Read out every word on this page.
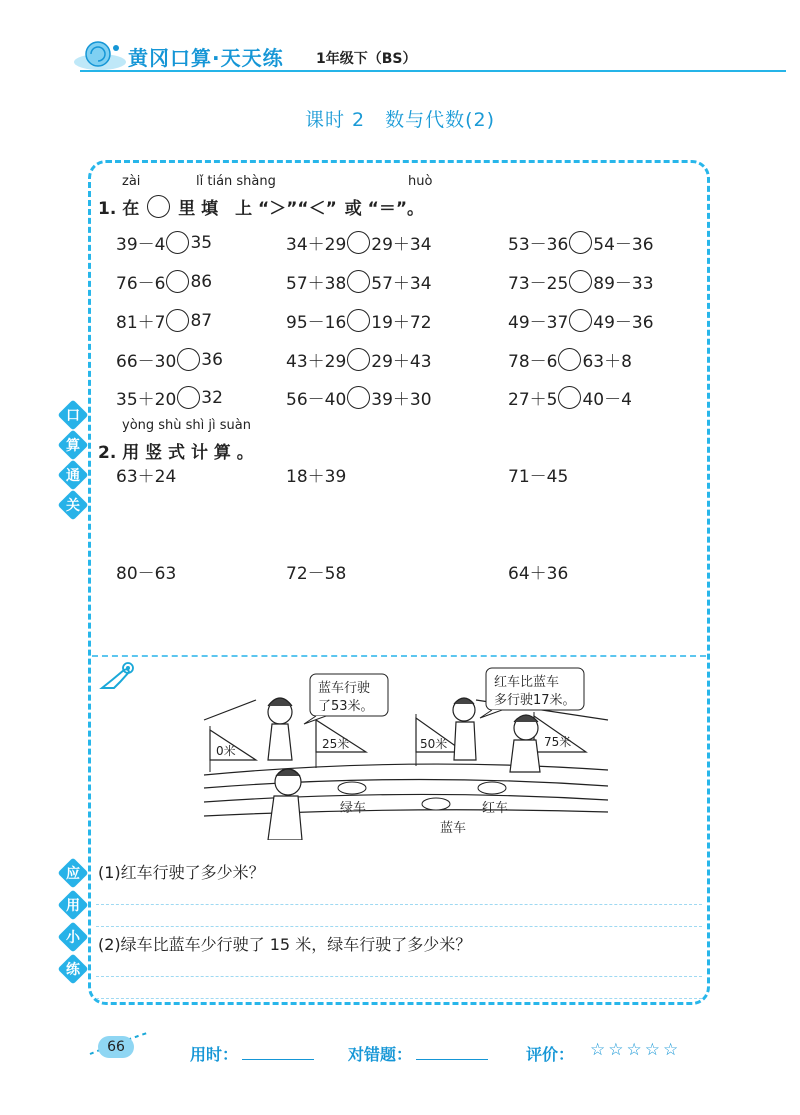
黄冈口算·天天练 1年级下（BS）
课时 2　数与代数(2)
口
算
通
关
应
用
小
练
zài	lǐ tián shàng	huò
1. 在 里 填　上 “＞”“＜” 或 “＝”。
39－4 35	34＋29 29＋34	53－36 54－36
76－6 86	57＋38 57＋34	73－25 89－33
81＋7 87	95－16 19＋72	49－37 49－36
66－30 36	43＋29 29＋43	78－6 63＋8
35＋20 32	56－40 39＋30	27＋5 40－4
yòng shù shì jì suàn
2. 用 竖 式 计 算 。
63＋24	18＋39	71－45
80－63	72－58	64＋36
0米	25米	50米	75米
蓝车行驶
了53米。
红车比蓝车
多行驶17米。
绿车	红车
蓝车
(1)红车行驶了多少米？
(2)绿车比蓝车少行驶了 15 米，绿车行驶了多少米？
66	用时：	对错题：	评价： ☆☆☆☆☆
